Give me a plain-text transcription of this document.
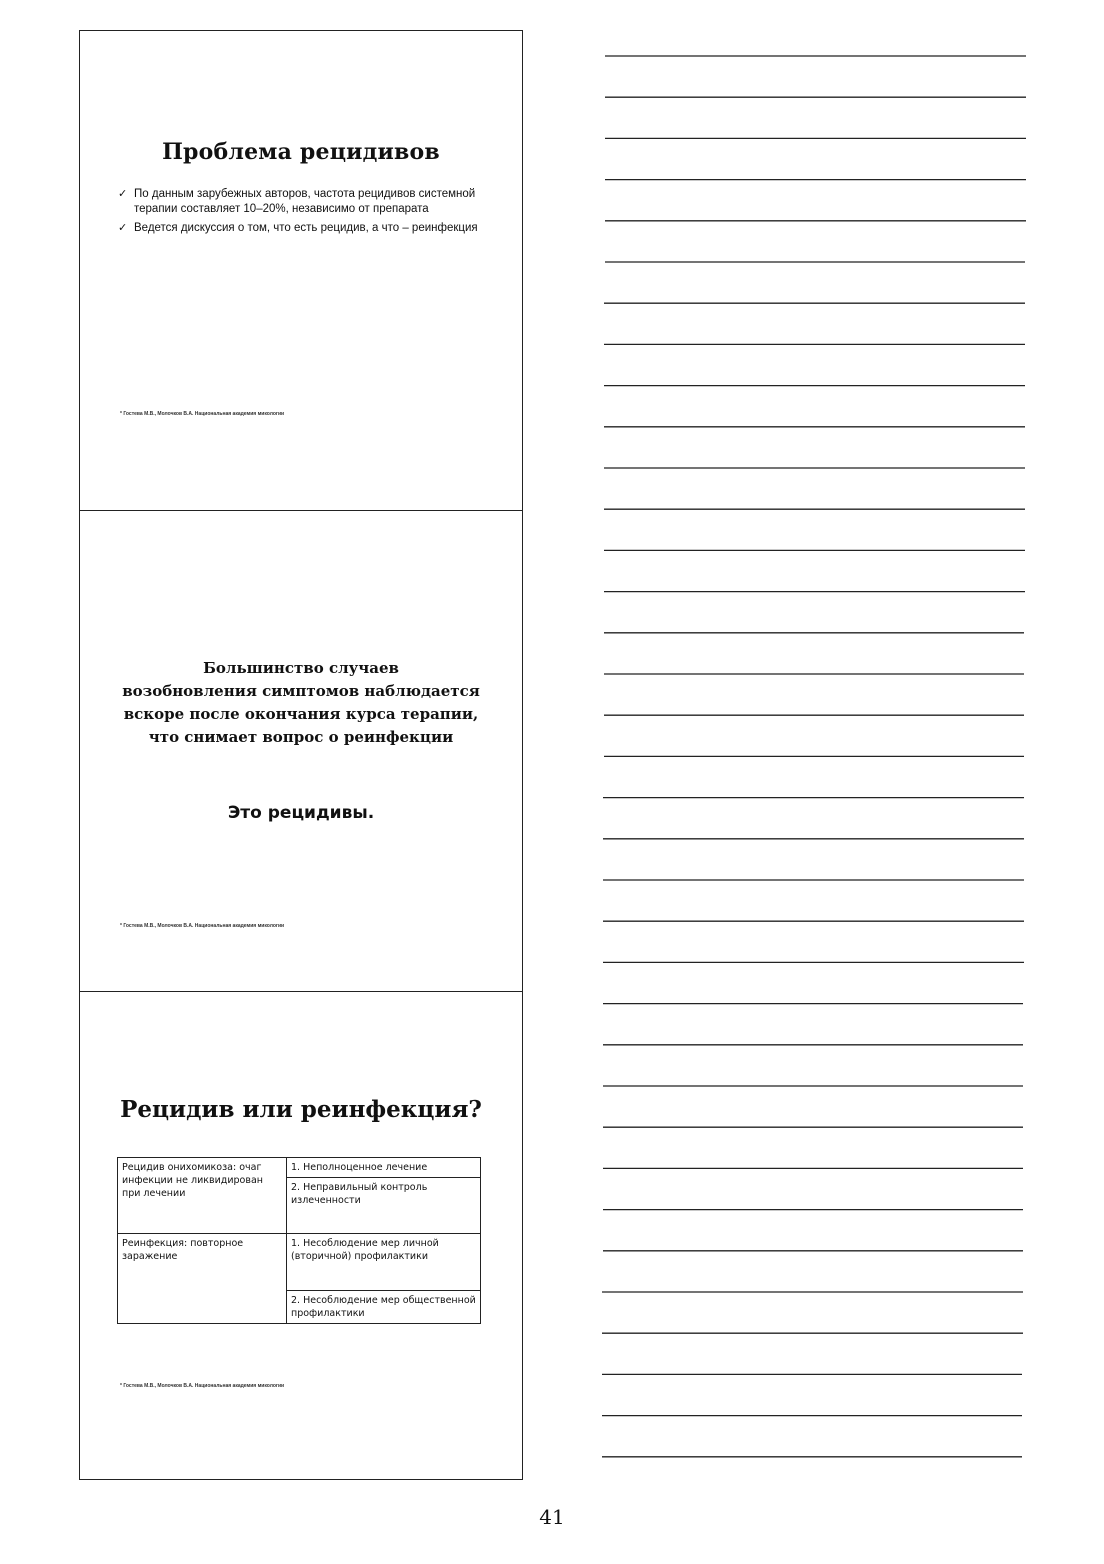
Проблема рецидивов
✓ По данным зарубежных авторов, частота рецидивов системной терапии составляет 10–20%, независимо от препарата
✓ Ведется дискуссия о том, что есть рецидив, а что – реинфекция
* Гостева М.В., Молочков В.А. Национальная академия микологии

Большинство случаев
возобновления симптомов наблюдается
вскоре после окончания курса терапии,
что снимает вопрос о реинфекции

Это рецидивы.

* Гостева М.В., Молочков В.А. Национальная академия микологии
Рецидив или реинфекция?
Рецидив онихомикоза: очаг инфекции не ликвидирован при лечении	1. Неполноценное лечение
	2. Неправильный контроль излеченности
Реинфекция: повторное заражение	1. Несоблюдение мер личной (вторичной) профилактики
	2. Несоблюдение мер общественной профилактики
* Гостева М.В., Молочков В.А. Национальная академия микологии
41
